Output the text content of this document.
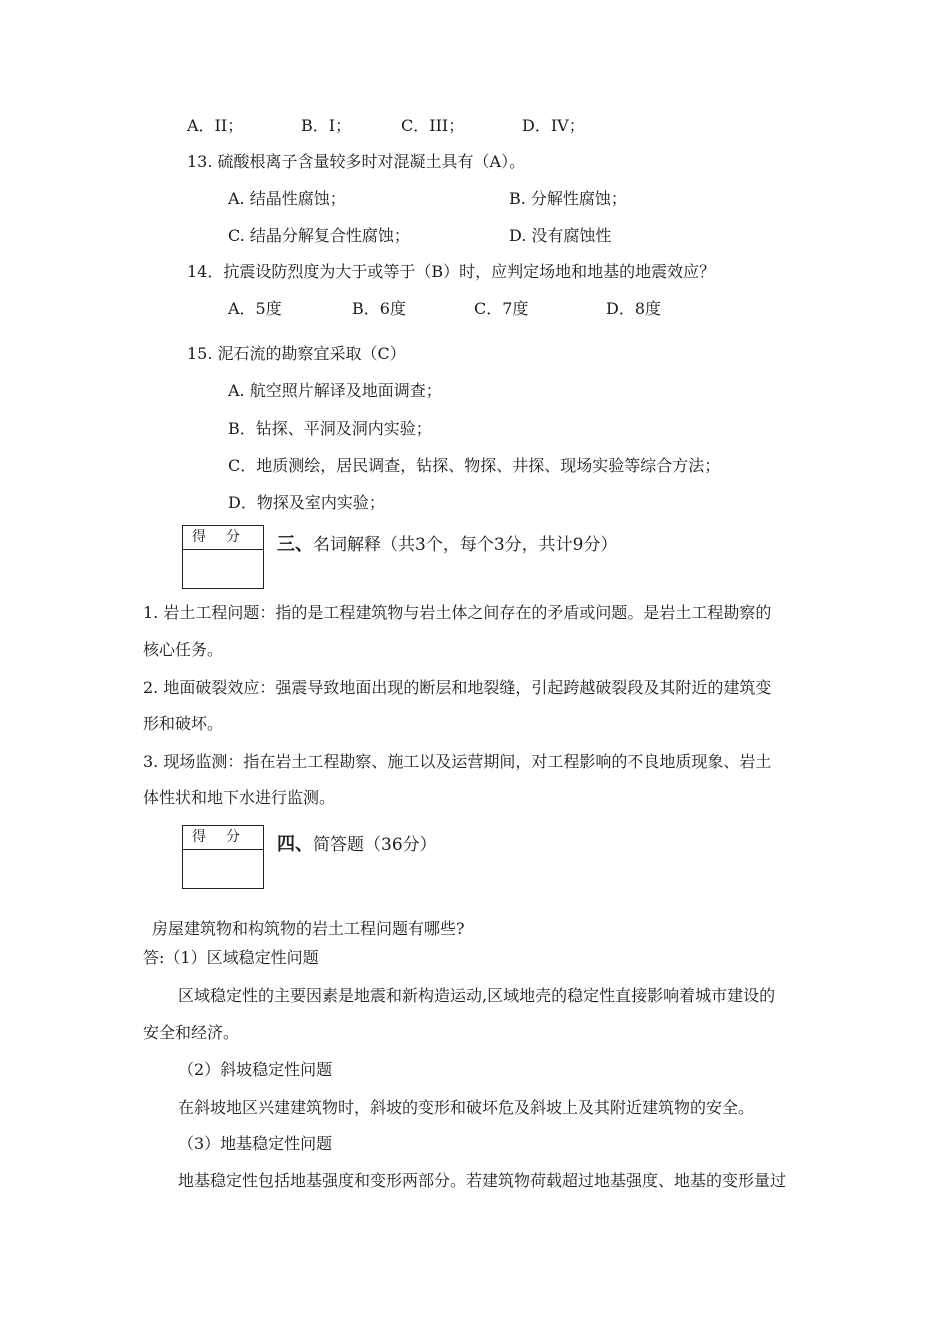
A．II；	B．I；	C．III；	D．IV；
13. 硫酸根离子含量较多时对混凝土具有（A）。
A. 结晶性腐蚀；	B. 分解性腐蚀；
C. 结晶分解复合性腐蚀；	D. 没有腐蚀性
14．抗震设防烈度为大于或等于（B）时，应判定场地和地基的地震效应？
A．5度	B．6度	C．7度	D．8度
15. 泥石流的勘察宜采取（C）
A. 航空照片解译及地面调查；
B．钻探、平洞及洞内实验；
C．地质测绘，居民调查，钻探、物探、井探、现场实验等综合方法；
D．物探及室内实验；
得分 三、名词解释（共3个，每个3分，共计9分）
1. 岩土工程问题：指的是工程建筑物与岩土体之间存在的矛盾或问题。是岩土工程勘察的
核心任务。
2. 地面破裂效应：强震导致地面出现的断层和地裂缝，引起跨越破裂段及其附近的建筑变
形和破坏。
3. 现场监测：指在岩土工程勘察、施工以及运营期间，对工程影响的不良地质现象、岩土
体性状和地下水进行监测。
得分 四、简答题（36分）
房屋建筑物和构筑物的岩土工程问题有哪些?
答:（1）区域稳定性问题
区域稳定性的主要因素是地震和新构造运动,区域地壳的稳定性直接影响着城市建设的
安全和经济。
（2）斜坡稳定性问题
在斜坡地区兴建建筑物时，斜坡的变形和破坏危及斜坡上及其附近建筑物的安全。
（3）地基稳定性问题
地基稳定性包括地基强度和变形两部分。若建筑物荷载超过地基强度、地基的变形量过
